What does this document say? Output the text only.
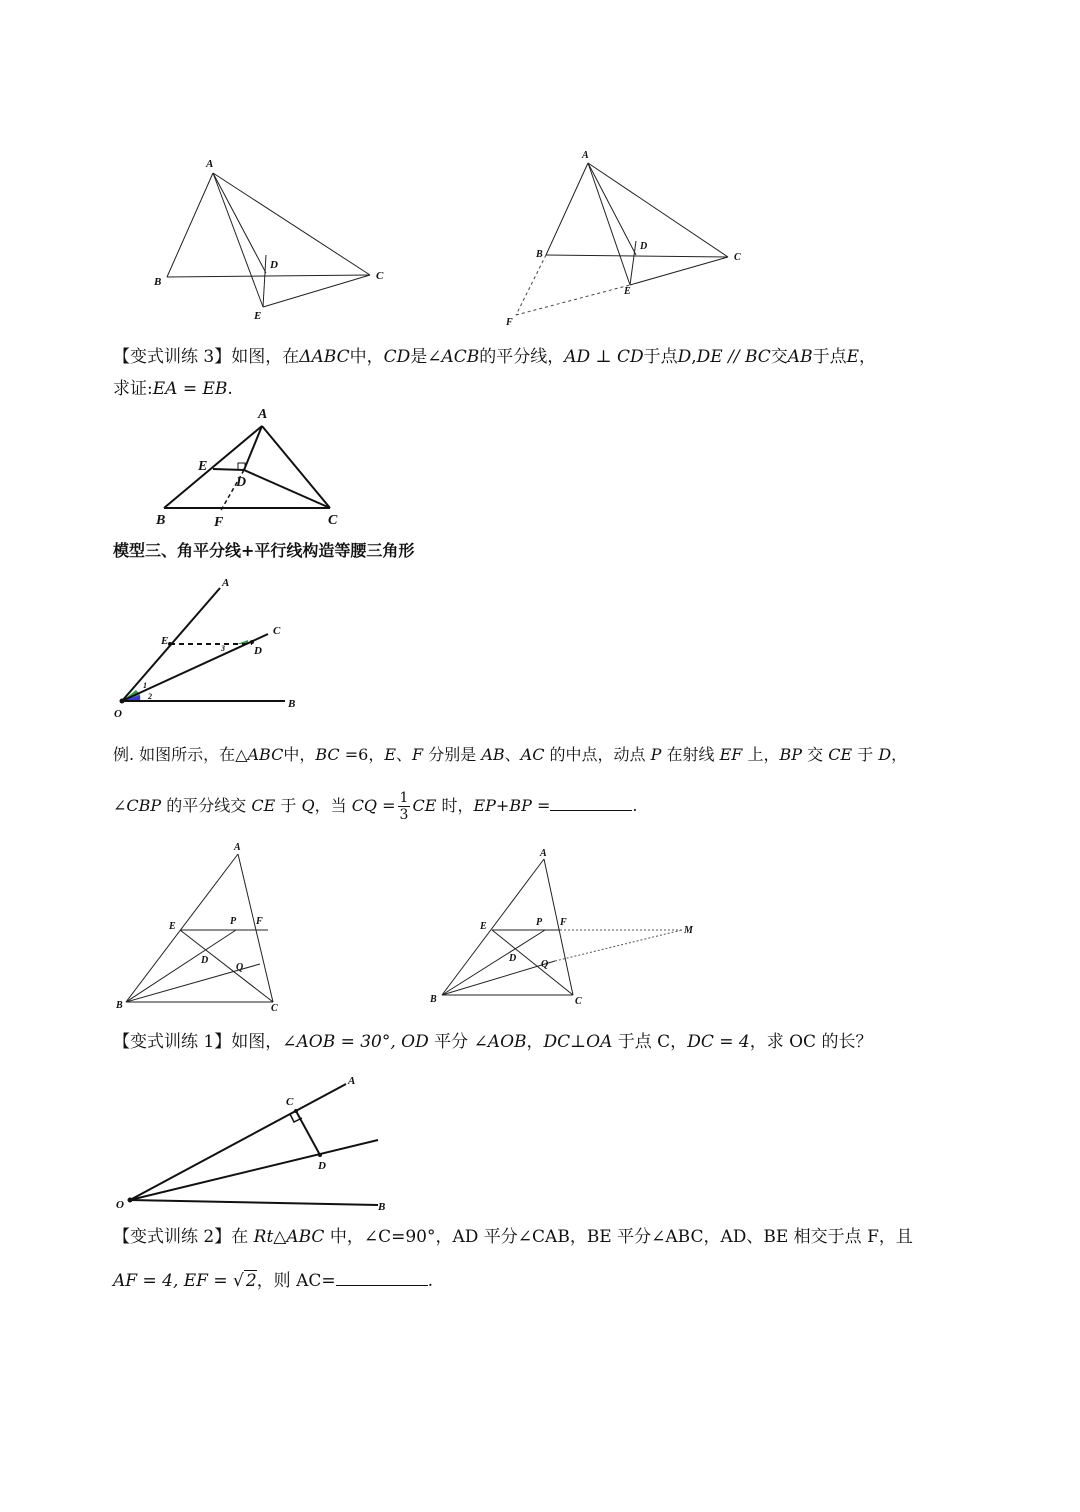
A
B	C
D
E
A
B	C
D
E
F
【变式训练 3】如图，在ΔABC中，CD是∠ACB的平分线，AD ⊥ CD于点D,DE // BC交AB于点E，
求证:EA = EB.
A
E
D
B	F	C
模型三、角平分线+平行线构造等腰三角形
A
C
E
D
O
B
1
2
3
例. 如图所示，在△ABC中，BC =6，E、F 分别是 AB、AC 的中点，动点 P 在射线 EF 上，BP 交 CE 于 D，
∠CBP 的平分线交 CE 于 Q，当 CQ = $\frac{1}{3}$ CE 时，EP+BP =	.
A
E	P F
D
Q
B	C
A
E	P F
M
D
Q
B	C
【变式训练 1】如图，∠AOB = 30°, OD 平分 ∠AOB，DC⊥OA 于点 C，DC = 4，求 OC 的长？
A
C
D
O	B
【变式训练 2】在 Rt△ABC 中，∠C=90°，AD 平分∠CAB，BE 平分∠ABC，AD、BE 相交于点 F，且
AF = 4, EF = √ 2，则 AC=	.
